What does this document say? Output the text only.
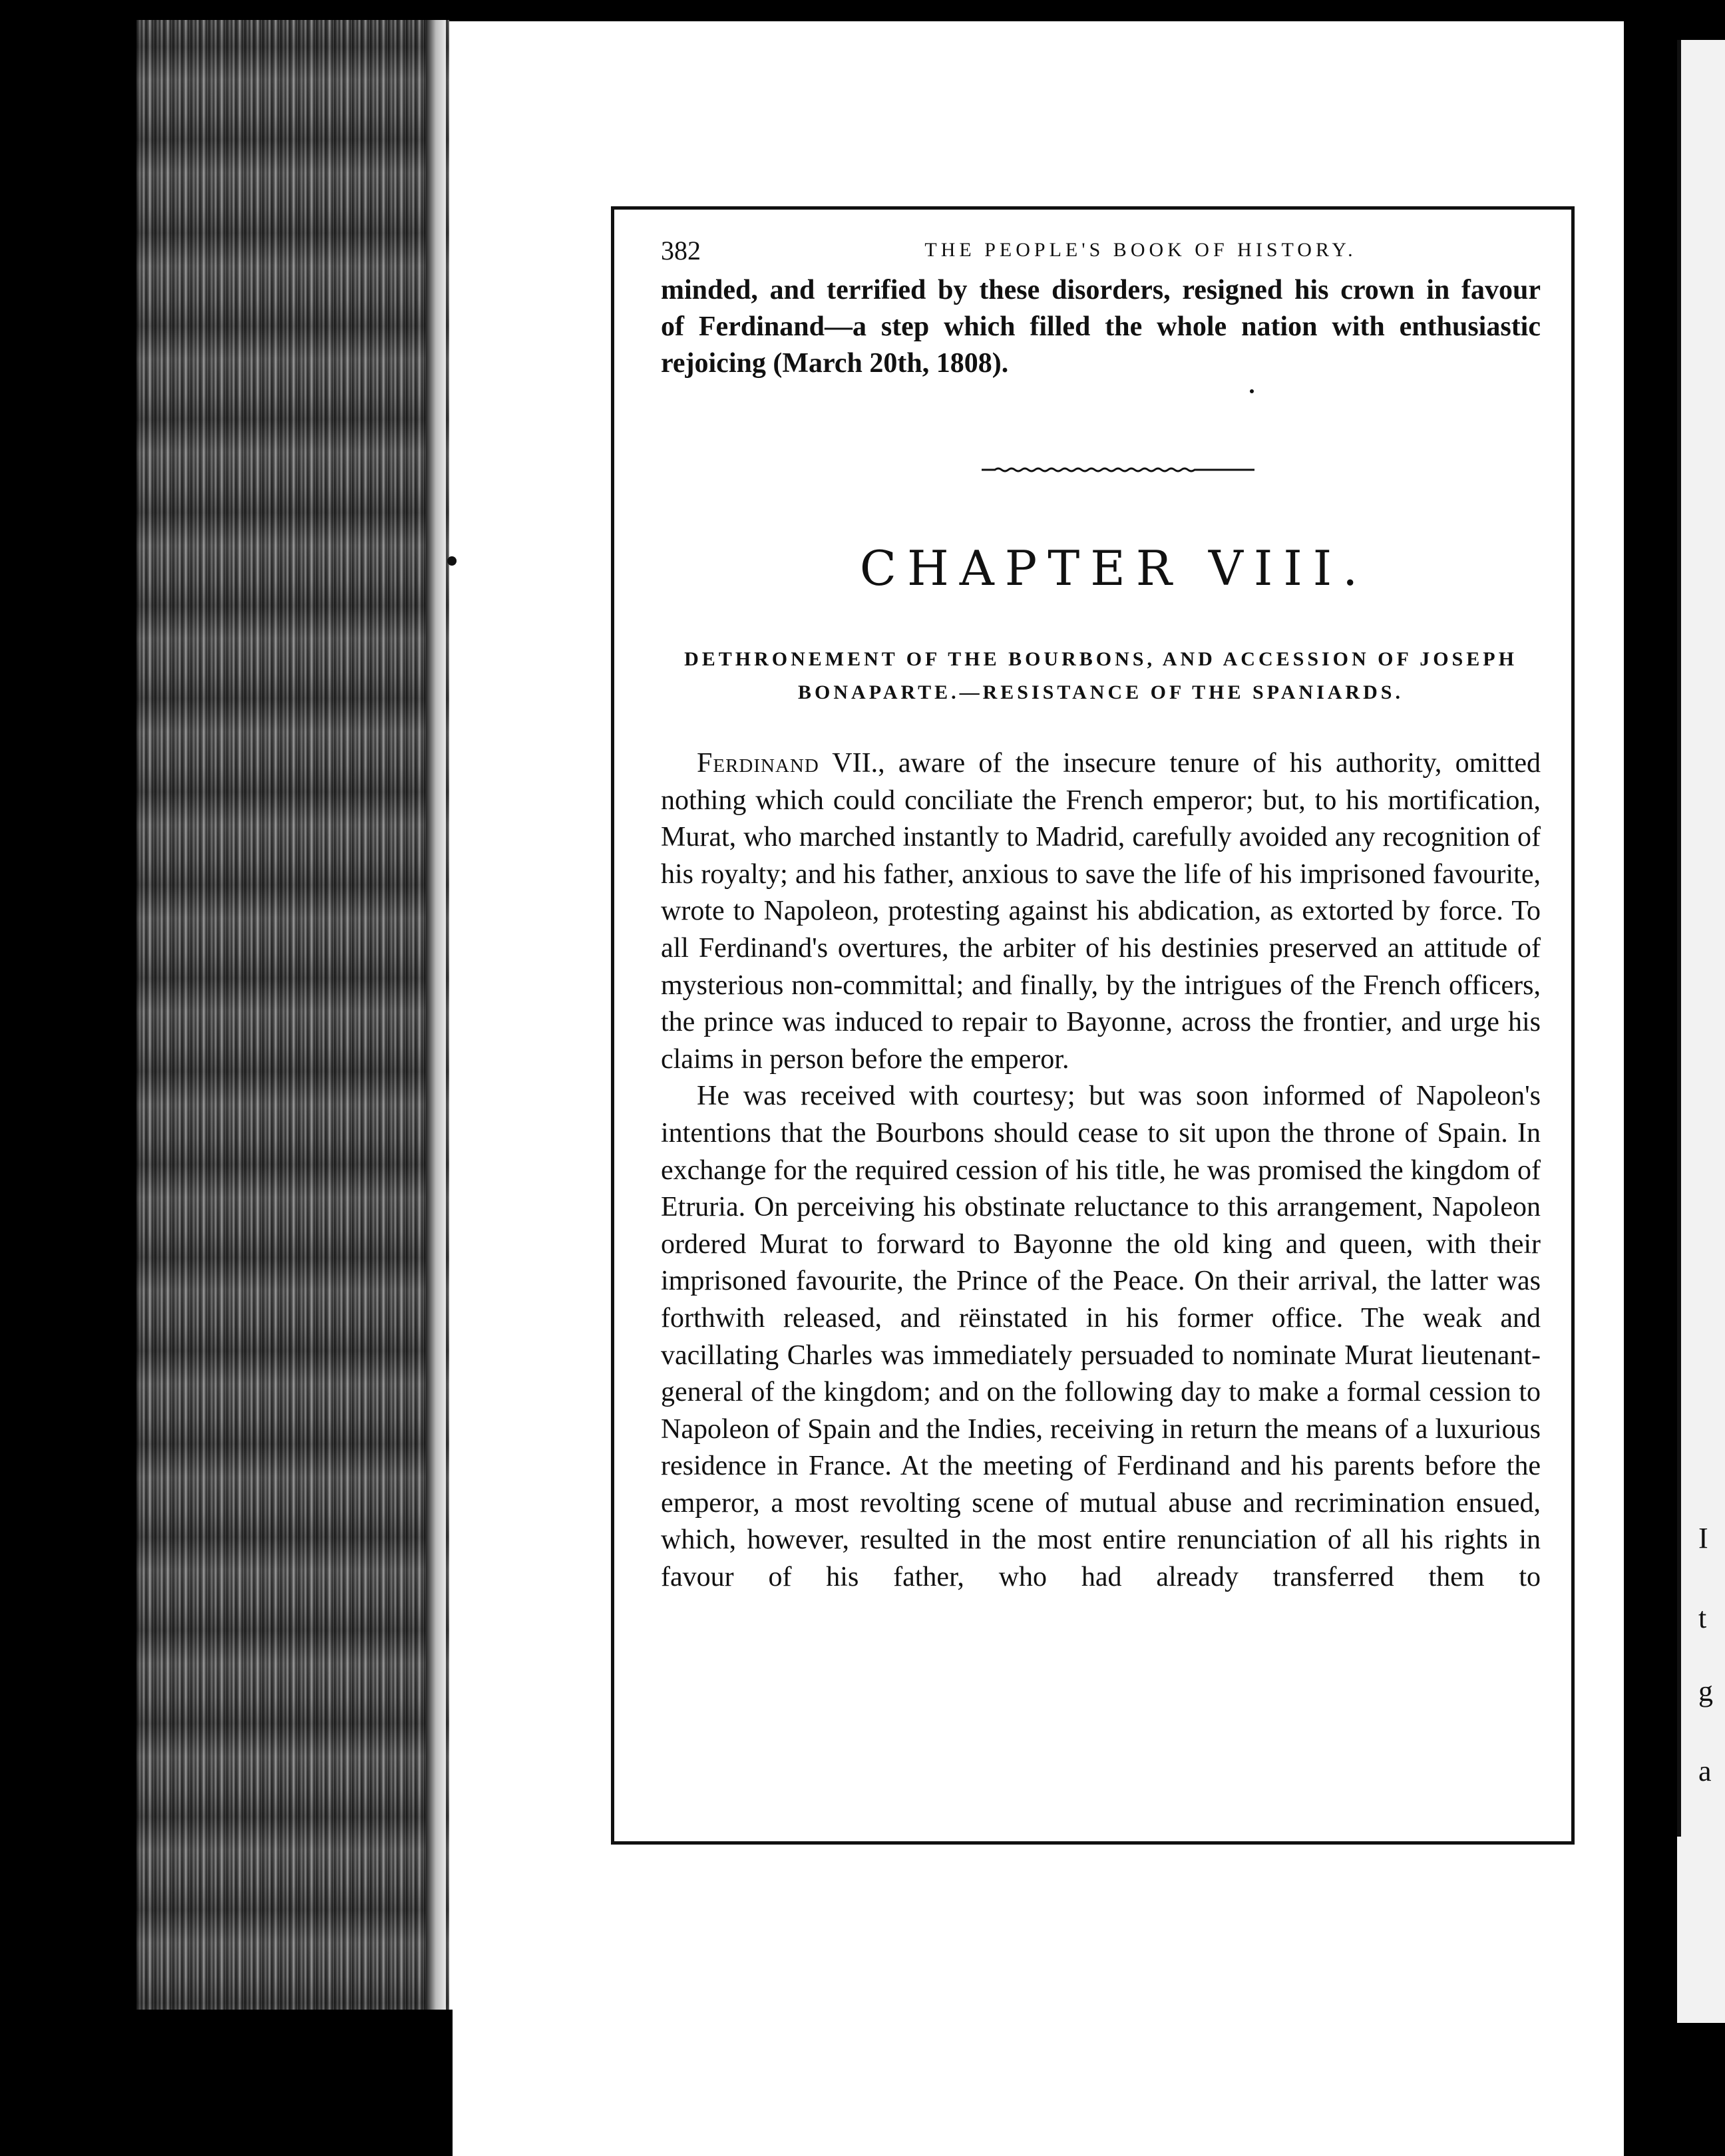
I
t
g
a
382	THE PEOPLE'S BOOK OF HISTORY.

minded, and terrified by these disorders, resigned his crown in favour

of Ferdinand—a step which filled the whole nation with enthusiastic

rejoicing (March 20th, 1808).

CHAPTER VIII.
DETHRONEMENT OF THE BOURBONS, AND ACCESSION OF JOSEPH
BONAPARTE.—RESISTANCE OF THE SPANIARDS.

Ferdinand VII., aware of the insecure tenure of his authority, omitted nothing which could conciliate the French emperor; but, to his mortification, Murat, who marched instantly to Madrid, carefully avoided any recognition of his royalty; and his father, anxious to save the life of his imprisoned favourite, wrote to Napoleon, protesting against his abdication, as extorted by force. To all Ferdinand's overtures, the arbiter of his destinies preserved an attitude of mysterious non-committal; and finally, by the intrigues of the French officers, the prince was induced to repair to Bayonne, across the frontier, and urge his claims in person before the emperor.

He was received with courtesy; but was soon informed of Napoleon's intentions that the Bourbons should cease to sit upon the throne of Spain. In exchange for the required cession of his title, he was promised the kingdom of Etruria. On perceiving his obstinate reluctance to this arrangement, Napoleon ordered Murat to forward to Bayonne the old king and queen, with their imprisoned favourite, the Prince of the Peace. On their arrival, the latter was forthwith released, and rëinstated in his former office. The weak and vacillating Charles was immediately persuaded to nominate Murat lieutenant-general of the kingdom; and on the following day to make a formal cession to Napoleon of Spain and the Indies, receiving in return the means of a luxurious residence in France. At the meeting of Ferdinand and his parents before the emperor, a most revolting scene of mutual abuse and recrimination ensued, which, however, resulted in the most entire renunciation of all his rights in favour of his father, who had already transferred them to
